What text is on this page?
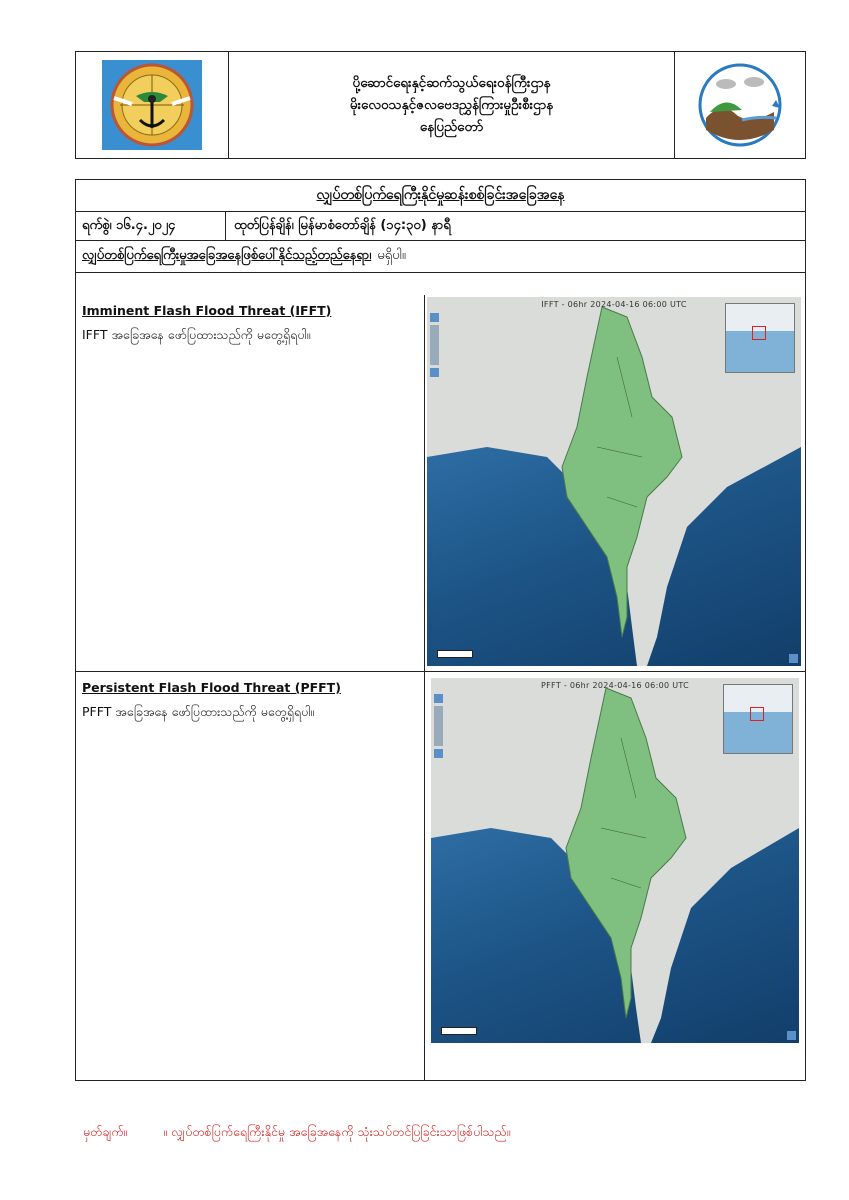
ပို့ဆောင်ရေးနှင့်ဆက်သွယ်ရေးဝန်ကြီးဌာန
မိုးလေဝသနှင့်ဇလဗေဒညွှန်ကြားမှုဦးစီးဌာန
နေပြည်တော်
လျှပ်တစ်ပြက်ရေကြီးနိုင်မှုဆန်းစစ်ခြင်းအခြေအနေ
ရက်စွဲ၊ ၁၆.၄.၂၀၂၄	ထုတ်ပြန်ချိန်၊ မြန်မာစံတော်ချိန် (၁၄:၃၀) နာရီ
လျှပ်တစ်ပြက်ရေကြီးမှုအခြေအနေဖြစ်ပေါ်နိုင်သည့်တည်နေရာ၊ မရှိပါ။
Imminent Flash Flood Threat (IFFT)
IFFT အခြေအနေ ဖော်ပြထားသည်ကို မတွေ့ရှိရပါ။
IFFT - 06hr 2024-04-16 06:00 UTC
Persistent Flash Flood Threat (PFFT)
PFFT အခြေအနေ ဖော်ပြထားသည်ကို မတွေ့ရှိရပါ။
PFFT - 06hr 2024-04-16 06:00 UTC
မှတ်ချက်။	။ လျှပ်တစ်ပြက်ရေကြီးနိုင်မှု အခြေအနေကို သုံးသပ်တင်ပြခြင်းသာဖြစ်ပါသည်။
